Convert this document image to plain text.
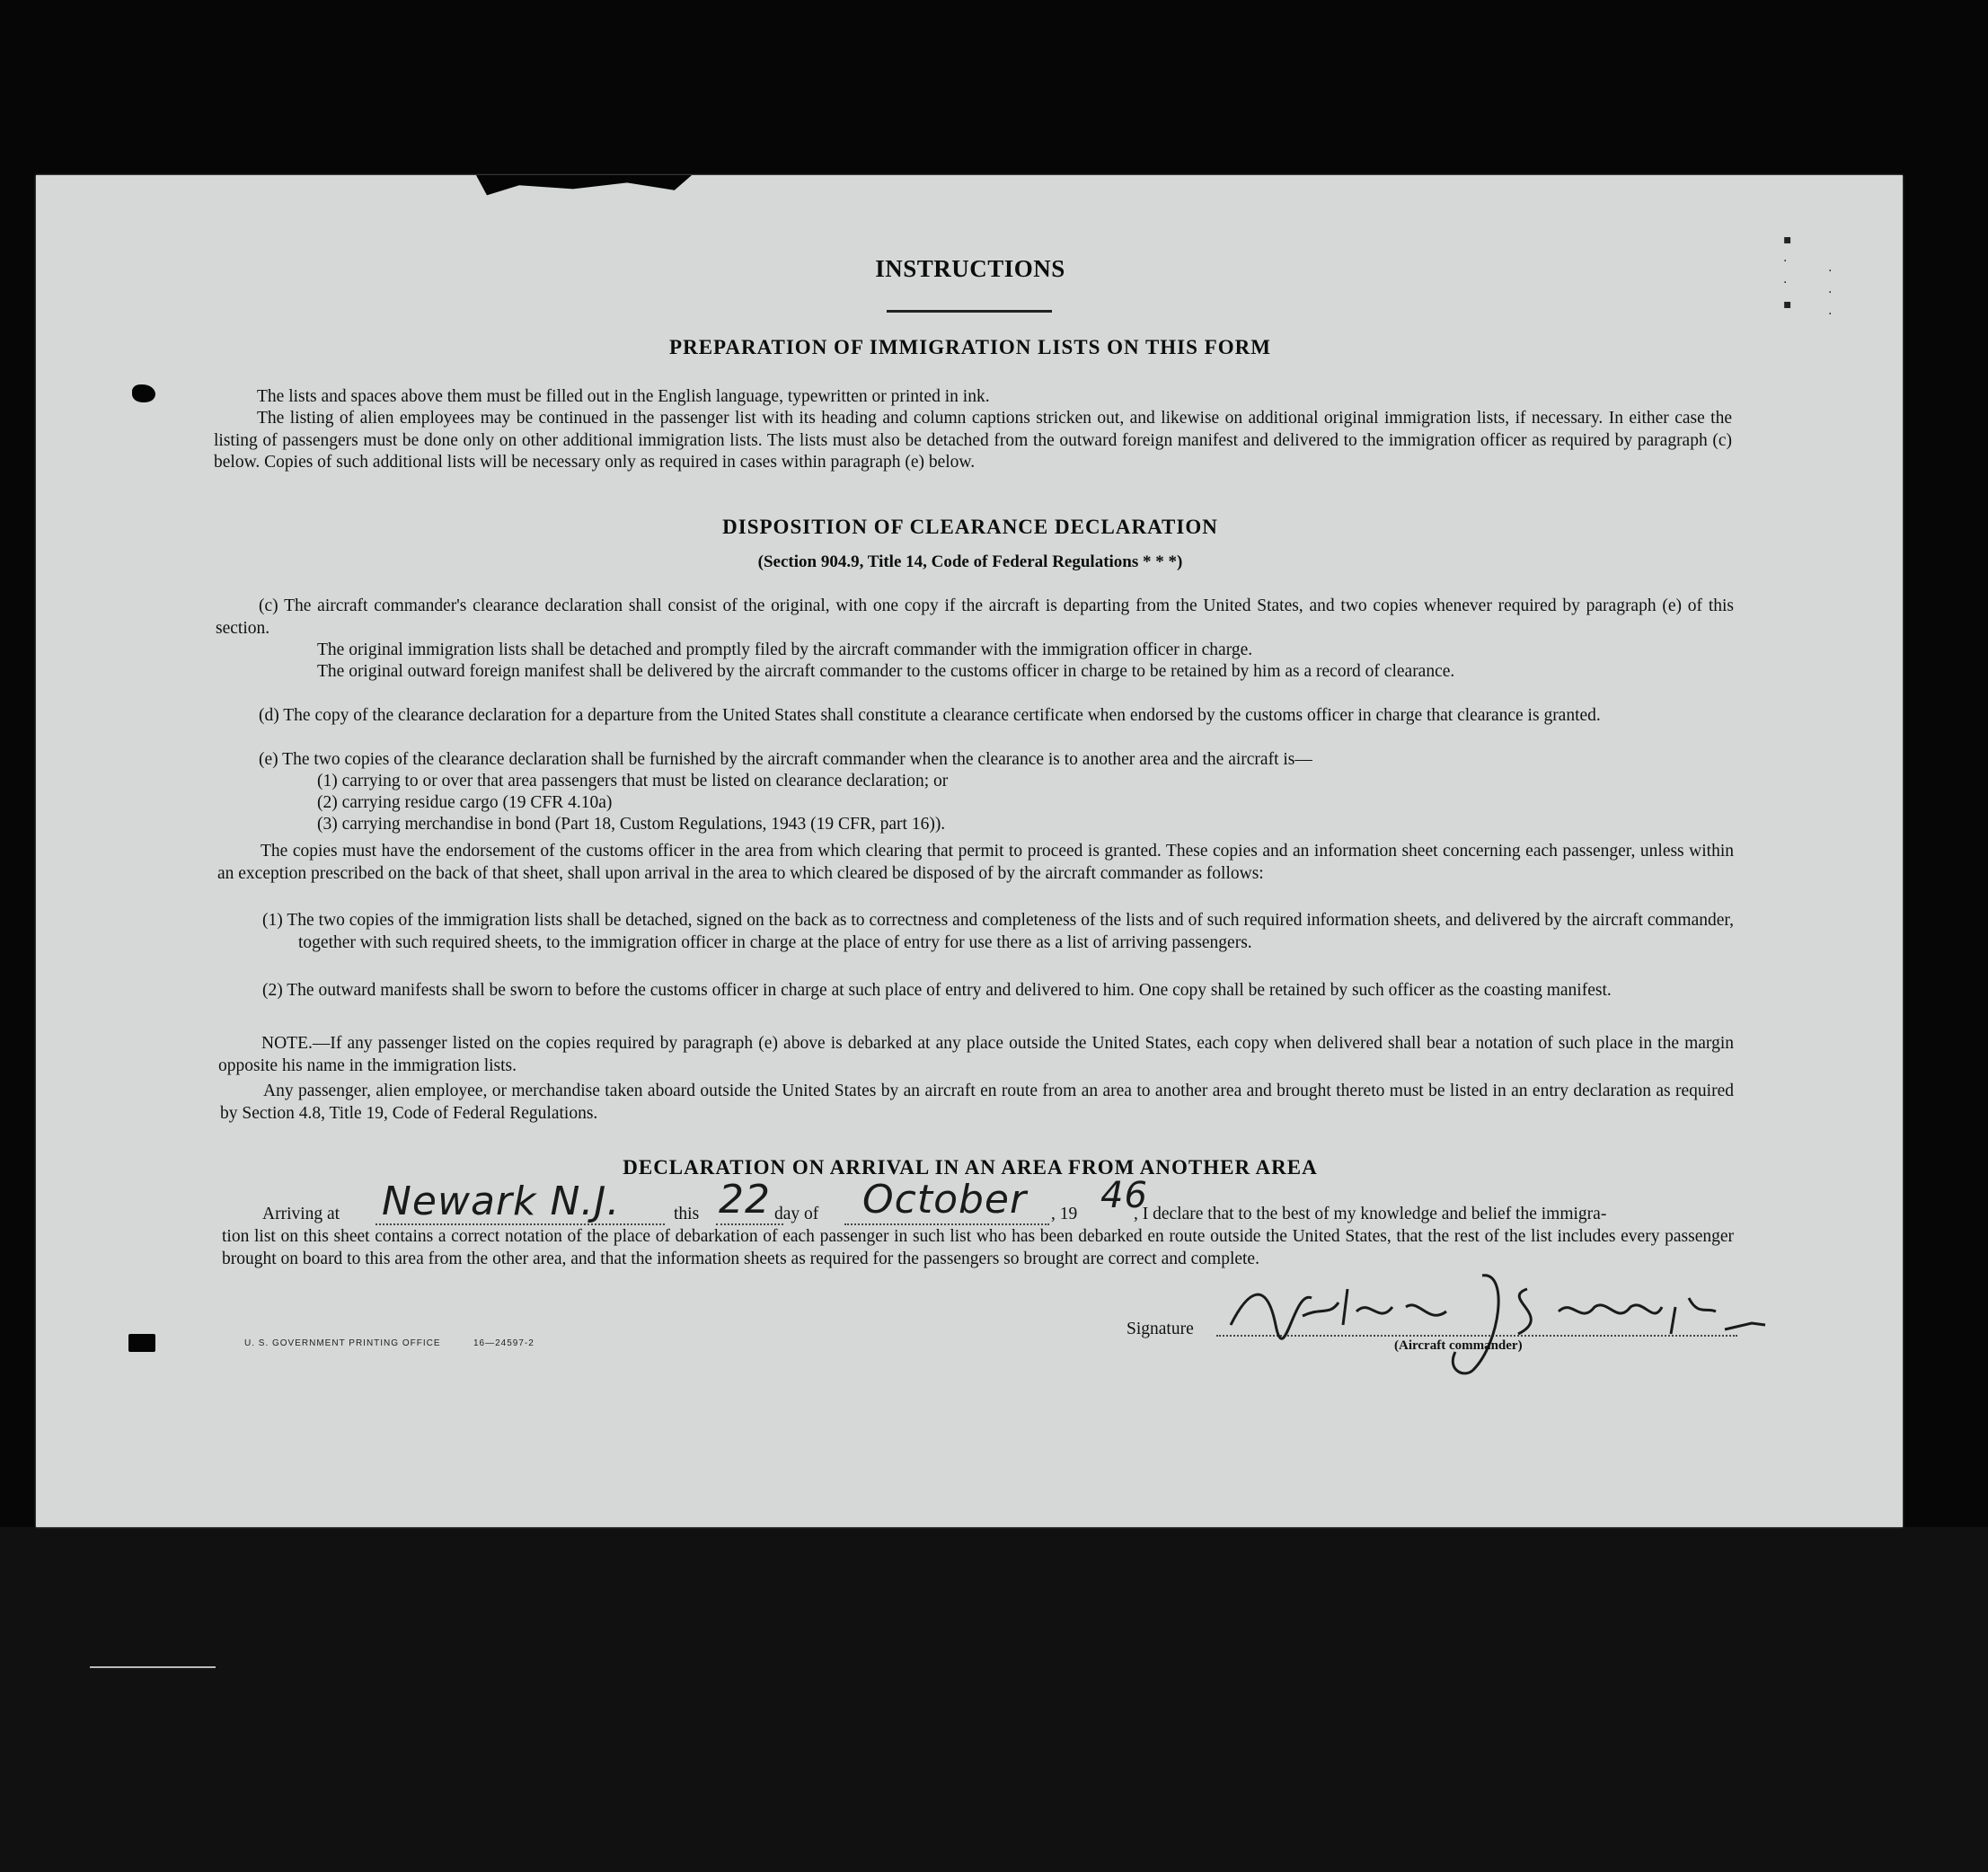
▪
·
·
▪
·
·
·
INSTRUCTIONS
PREPARATION OF IMMIGRATION LISTS ON THIS FORM
The lists and spaces above them must be filled out in the English language, typewritten or printed in ink.
The listing of alien employees may be continued in the passenger list with its heading and column captions stricken out, and likewise on additional original immigration lists, if necessary. In either case the listing of passengers must be done only on other additional immigration lists. The lists must also be detached from the outward foreign manifest and delivered to the immigration officer as required by paragraph (c) below. Copies of such additional lists will be necessary only as required in cases within paragraph (e) below.
DISPOSITION OF CLEARANCE DECLARATION
(Section 904.9, Title 14, Code of Federal Regulations * * *)
(c) The aircraft commander's clearance declaration shall consist of the original, with one copy if the aircraft is departing from the United States, and two copies whenever required by paragraph (e) of this section.
The original immigration lists shall be detached and promptly filed by the aircraft commander with the immigration officer in charge.
The original outward foreign manifest shall be delivered by the aircraft commander to the customs officer in charge to be retained by him as a record of clearance.
(d) The copy of the clearance declaration for a departure from the United States shall constitute a clearance certificate when endorsed by the customs officer in charge that clearance is granted.
(e) The two copies of the clearance declaration shall be furnished by the aircraft commander when the clearance is to another area and the aircraft is—
(1) carrying to or over that area passengers that must be listed on clearance declaration; or
(2) carrying residue cargo (19 CFR 4.10a)
(3) carrying merchandise in bond (Part 18, Custom Regulations, 1943 (19 CFR, part 16)).
The copies must have the endorsement of the customs officer in the area from which clearing that permit to proceed is granted. These copies and an information sheet concerning each passenger, unless within an exception prescribed on the back of that sheet, shall upon arrival in the area to which cleared be disposed of by the aircraft commander as follows:
(1) The two copies of the immigration lists shall be detached, signed on the back as to correctness and completeness of the lists and of such required information sheets, and delivered by the aircraft commander, together with such required sheets, to the immigration officer in charge at the place of entry for use there as a list of arriving passengers.
(2) The outward manifests shall be sworn to before the customs officer in charge at such place of entry and delivered to him. One copy shall be retained by such officer as the coasting manifest.
NOTE.—If any passenger listed on the copies required by paragraph (e) above is debarked at any place outside the United States, each copy when delivered shall bear a notation of such place in the margin opposite his name in the immigration lists.
Any passenger, alien employee, or merchandise taken aboard outside the United States by an aircraft en route from an area to another area and brought thereto must be listed in an entry declaration as required by Section 4.8, Title 19, Code of Federal Regulations.
DECLARATION ON ARRIVAL IN AN AREA FROM ANOTHER AREA
Arriving at Newark N.J.	this 22 day of October , 19 46
, I declare that to the best of my knowledge and belief the immigra-
tion list on this sheet contains a correct notation of the place of debarkation of each passenger in such list who has been debarked en route outside the United States, that the rest of the list includes every passenger brought on board to this area from the other area, and that the information sheets as required for the passengers so brought are correct and complete.
Signature
(Aircraft commander)
U. S. GOVERNMENT PRINTING OFFICE	16—24597-2
